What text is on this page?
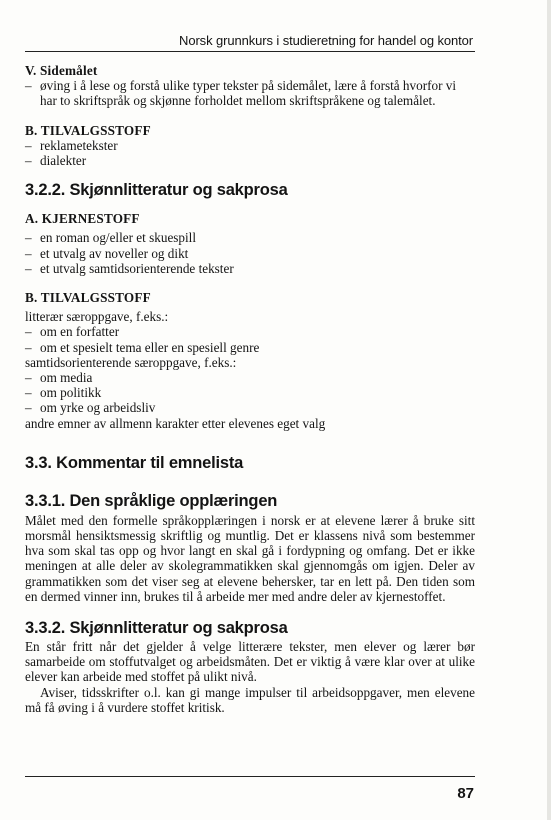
Norsk grunnkurs i studieretning for handel og kontor

V. Sidemålet

– øving i å lese og forstå ulike typer tekster på sidemålet, lære å forstå hvorfor vi har to skriftspråk og skjønne forholdet mellom skriftspråkene og talemålet.

B. TILVALGSSTOFF

– reklametekster

– dialekter

3.2.2. Skjønnlitteratur og sakprosa

A. KJERNESTOFF

– en roman og/eller et skuespill

– et utvalg av noveller og dikt

– et utvalg samtidsorienterende tekster

B. TILVALGSSTOFF

litterær særoppgave, f.eks.:

– om en forfatter

– om et spesielt tema eller en spesiell genre

samtidsorienterende særoppgave, f.eks.:

– om media

– om politikk

– om yrke og arbeidsliv

andre emner av allmenn karakter etter elevenes eget valg

3.3. Kommentar til emnelista

3.3.1. Den språklige opplæringen

Målet med den formelle språkopplæringen i norsk er at elevene lærer å bruke sitt morsmål hensiktsmessig skriftlig og muntlig. Det er klassens nivå som bestemmer hva som skal tas opp og hvor langt en skal gå i fordypning og omfang. Det er ikke meningen at alle deler av skolegrammatikken skal gjennomgås om igjen. Deler av grammatikken som det viser seg at elevene behersker, tar en lett på. Den tiden som en dermed vinner inn, brukes til å arbeide mer med andre deler av kjernestoffet.

3.3.2. Skjønnlitteratur og sakprosa

En står fritt når det gjelder å velge litterære tekster, men elever og lærer bør samarbeide om stoffutvalget og arbeidsmåten. Det er viktig å være klar over at ulike elever kan arbeide med stoffet på ulikt nivå.

Aviser, tidsskrifter o.l. kan gi mange impulser til arbeidsoppgaver, men elevene må få øving i å vurdere stoffet kritisk.

87
